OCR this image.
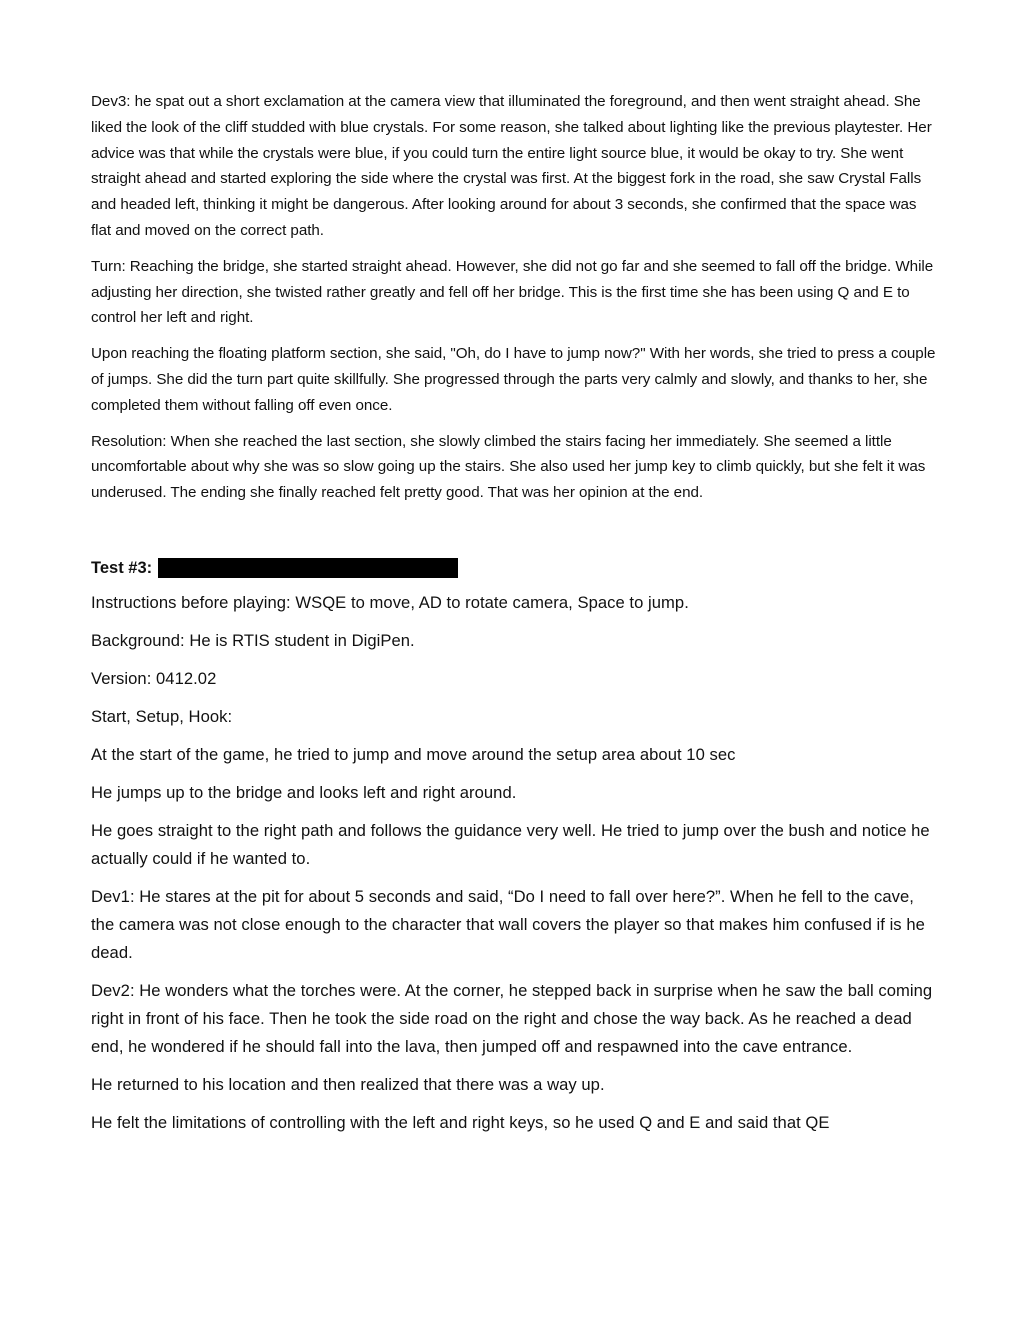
Dev3: he spat out a short exclamation at the camera view that illuminated the foreground, and then went straight ahead. She liked the look of the cliff studded with blue crystals. For some reason, she talked about lighting like the previous playtester. Her advice was that while the crystals were blue, if you could turn the entire light source blue, it would be okay to try. She went straight ahead and started exploring the side where the crystal was first. At the biggest fork in the road, she saw Crystal Falls and headed left, thinking it might be dangerous. After looking around for about 3 seconds, she confirmed that the space was flat and moved on the correct path.

Turn: Reaching the bridge, she started straight ahead. However, she did not go far and she seemed to fall off the bridge. While adjusting her direction, she twisted rather greatly and fell off her bridge. This is the first time she has been using Q and E to control her left and right.

Upon reaching the floating platform section, she said, "Oh, do I have to jump now?" With her words, she tried to press a couple of jumps. She did the turn part quite skillfully. She progressed through the parts very calmly and slowly, and thanks to her, she completed them without falling off even once.

Resolution: When she reached the last section, she slowly climbed the stairs facing her immediately. She seemed a little uncomfortable about why she was so slow going up the stairs. She also used her jump key to climb quickly, but she felt it was underused. The ending she finally reached felt pretty good. That was her opinion at the end.

Test #3:

Instructions before playing: WSQE to move, AD to rotate camera, Space to jump.

Background: He is RTIS student in DigiPen.

Version: 0412.02

Start, Setup, Hook:

At the start of the game, he tried to jump and move around the setup area about 10 sec

He jumps up to the bridge and looks left and right around.

He goes straight to the right path and follows the guidance very well. He tried to jump over the bush and notice he actually could if he wanted to.

Dev1: He stares at the pit for about 5 seconds and said, “Do I need to fall over here?”. When he fell to the cave, the camera was not close enough to the character that wall covers the player so that makes him confused if is he dead.

Dev2: He wonders what the torches were. At the corner, he stepped back in surprise when he saw the ball coming right in front of his face. Then he took the side road on the right and chose the way back. As he reached a dead end, he wondered if he should fall into the lava, then jumped off and respawned into the cave entrance.

He returned to his location and then realized that there was a way up.

He felt the limitations of controlling with the left and right keys, so he used Q and E and said that QE
